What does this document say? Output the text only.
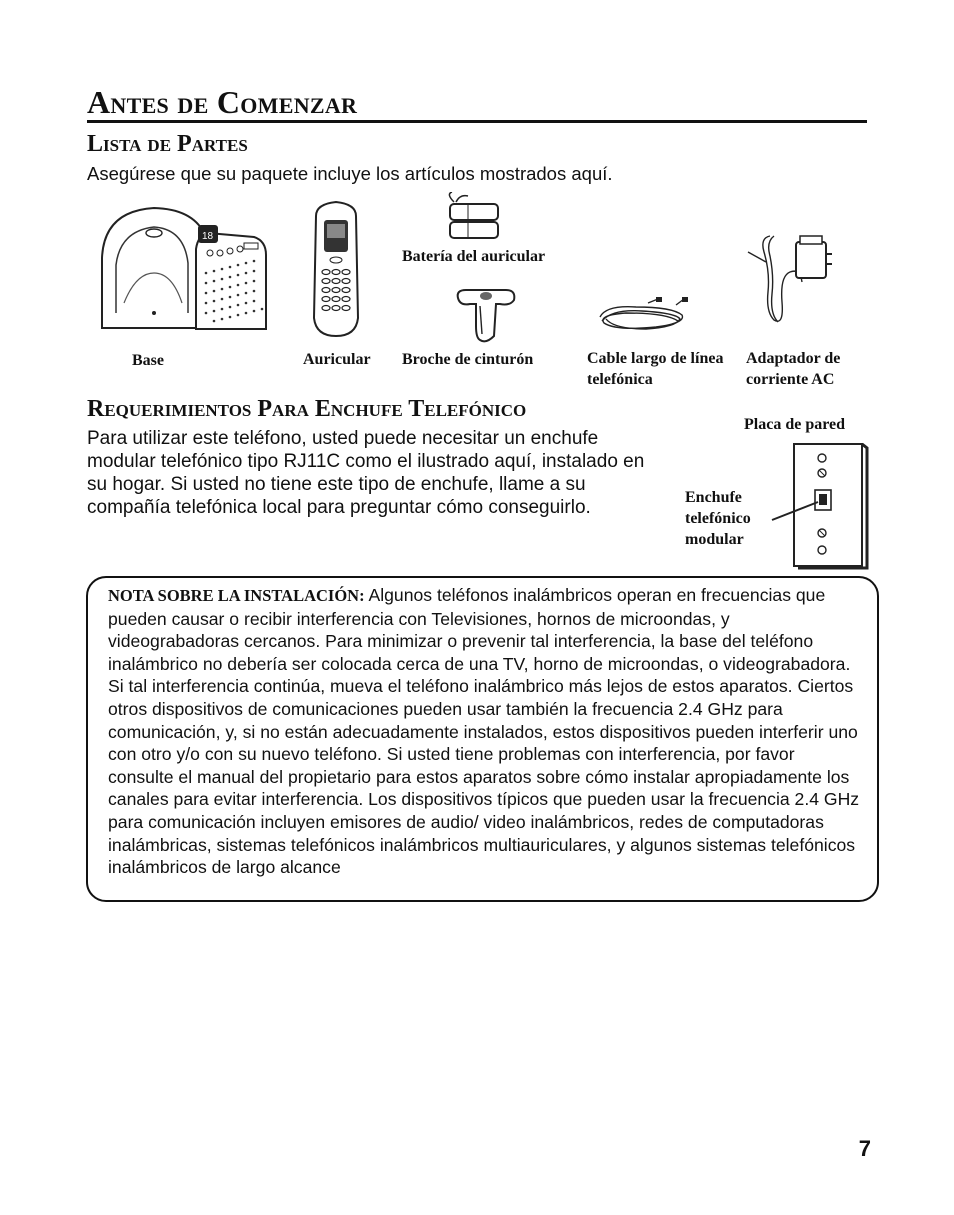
Antes de Comenzar
Lista de Partes
Asegúrese que su paquete incluye los artículos mostrados aquí.
18
Base	Auricular
Batería del auricular
Broche de cinturón	Cable largo de línea telefónica
Adaptador de corriente AC
Requerimientos Para Enchufe Telefónico
Para utilizar este teléfono, usted puede necesitar un enchufe modular telefónico tipo RJ11C como el ilustrado aquí, instalado en su hogar. Si usted no tiene este tipo de enchufe, llame a su compañía telefónica local para preguntar cómo conseguirlo.
Placa de pared
Enchufe telefónico modular
NOTA SOBRE LA INSTALACIÓN: Algunos teléfonos inalámbricos operan en frecuencias que pueden causar o recibir interferencia con Televisiones, hornos de microondas, y videograbadoras cercanos. Para minimizar o prevenir tal interferencia, la base del teléfono inalámbrico no debería ser colocada cerca de una TV, horno de microondas, o videograbadora. Si tal interferencia continúa, mueva el teléfono inalámbrico más lejos de estos aparatos. Ciertos otros dispositivos de comunicaciones pueden usar también la frecuencia 2.4 GHz para comunicación, y, si no están adecuadamente instalados, estos dispositivos pueden interferir uno con otro y/o con su nuevo teléfono. Si usted tiene problemas con interferencia, por favor consulte el manual del propietario para estos aparatos sobre cómo instalar apropiadamente los canales para evitar interferencia. Los dispositivos típicos que pueden usar la frecuencia 2.4 GHz para comunicación incluyen emisores de audio/ video inalámbricos, redes de computadoras inalámbricas, sistemas telefónicos inalámbricos multiauriculares, y algunos sistemas telefónicos inalámbricos de largo alcance
7
